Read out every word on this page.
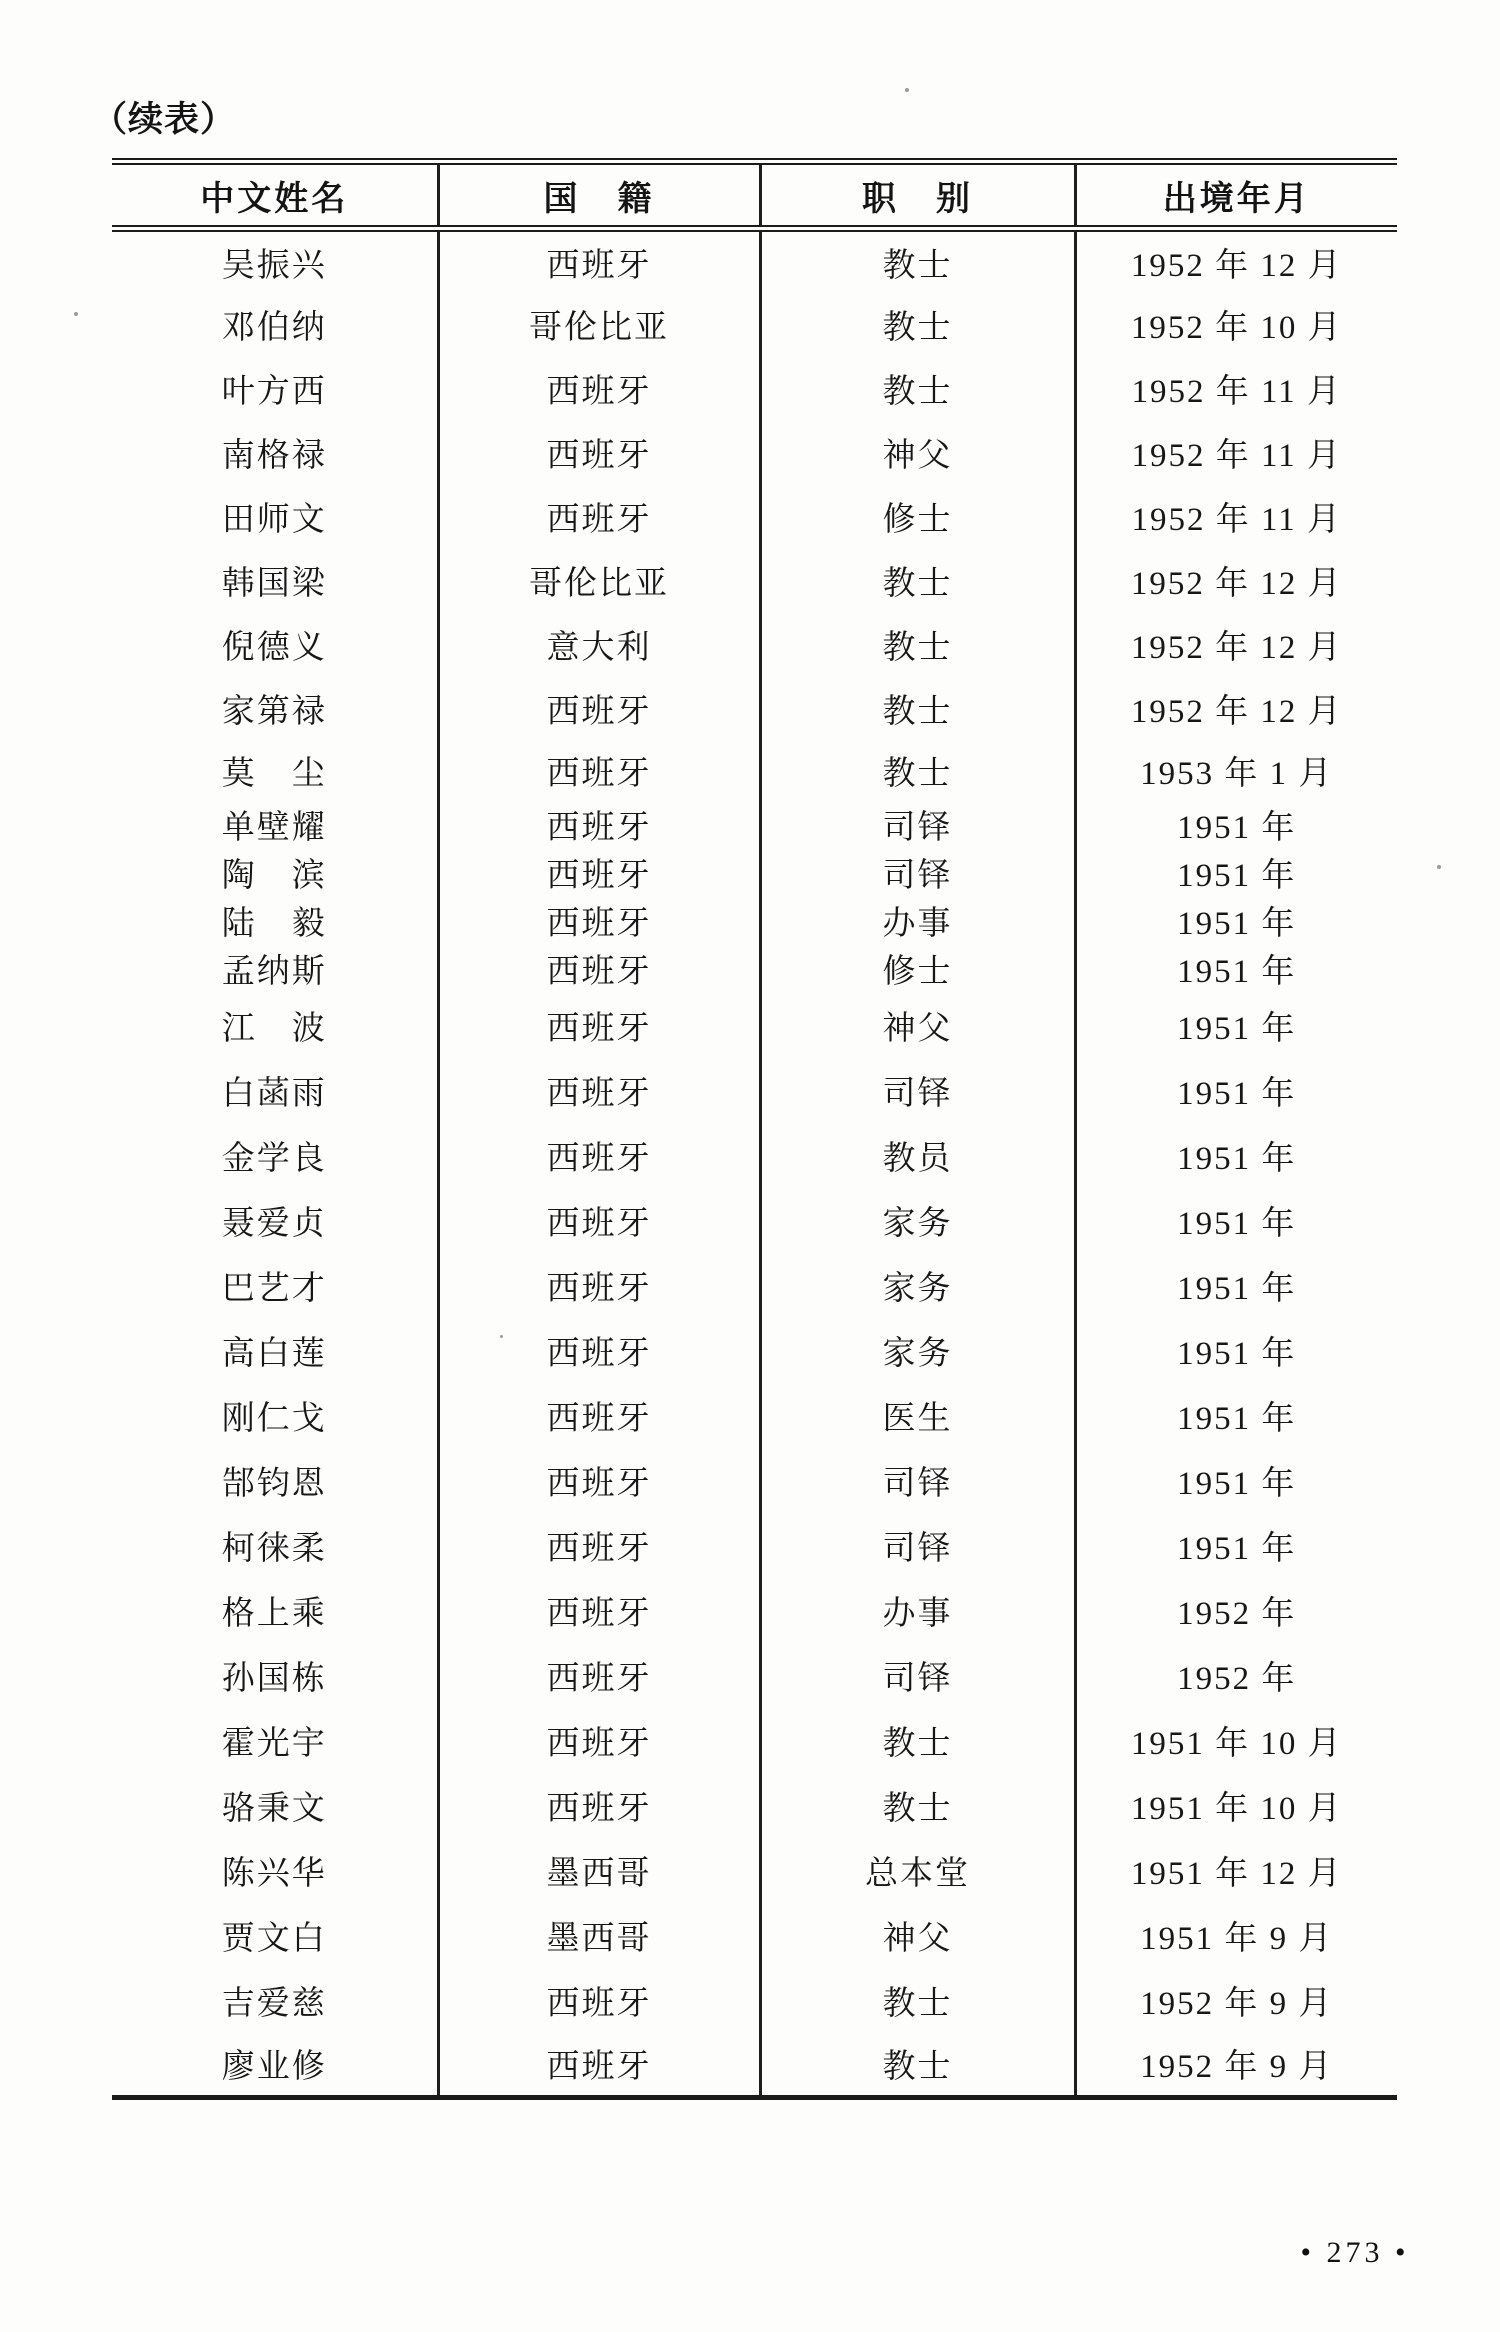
（续表）
中文姓名	国　籍	职　别	出境年月
吴振兴	西班牙	教士	1952 年 12 月
邓伯纳	哥伦比亚	教士	1952 年 10 月
叶方西	西班牙	教士	1952 年 11 月
南格禄	西班牙	神父	1952 年 11 月
田师文	西班牙	修士	1952 年 11 月
韩国梁	哥伦比亚	教士	1952 年 12 月
倪德义	意大利	教士	1952 年 12 月
家第禄	西班牙	教士	1952 年 12 月
莫　尘	西班牙	教士	1953 年 1 月
单壁耀	西班牙	司铎	1951 年
陶　滨	西班牙	司铎	1951 年
陆　毅	西班牙	办事	1951 年
孟纳斯	西班牙	修士	1951 年
江　波	西班牙	神父	1951 年
白菡雨	西班牙	司铎	1951 年
金学良	西班牙	教员	1951 年
聂爱贞	西班牙	家务	1951 年
巴艺才	西班牙	家务	1951 年
高白莲	西班牙	家务	1951 年
刚仁戈	西班牙	医生	1951 年
郜钧恩	西班牙	司铎	1951 年
柯徕柔	西班牙	司铎	1951 年
格上乘	西班牙	办事	1952 年
孙国栋	西班牙	司铎	1952 年
霍光宇	西班牙	教士	1951 年 10 月
骆秉文	西班牙	教士	1951 年 10 月
陈兴华	墨西哥	总本堂	1951 年 12 月
贾文白	墨西哥	神父	1951 年 9 月
吉爱慈	西班牙	教士	1952 年 9 月
廖业修	西班牙	教士	1952 年 9 月
• 273 •
